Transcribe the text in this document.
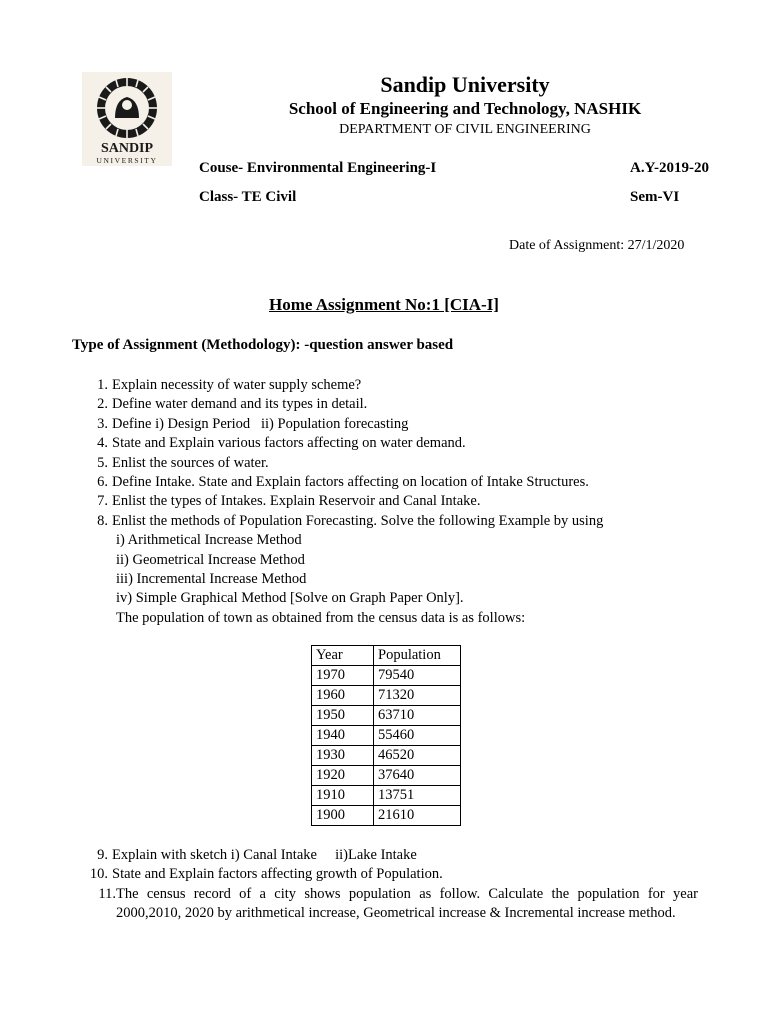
SANDIP
UNIVERSITY
Sandip University
School of Engineering and Technology, NASHIK
DEPARTMENT OF CIVIL ENGINEERING
Couse- Environmental Engineering-I	A.Y-2019-20
Class- TE Civil	Sem-VI
Date of Assignment: 27/1/2020
Home Assignment No:1 [CIA-I]
Type of Assignment (Methodology): -question answer based
1. Explain necessity of water supply scheme?
2. Define water demand and its types in detail.
3. Define i) Design Period   ii) Population forecasting
4. State and Explain various factors affecting on water demand.
5. Enlist the sources of water.
6. Define Intake. State and Explain factors affecting on location of Intake Structures.
7. Enlist the types of Intakes. Explain Reservoir and Canal Intake.
8. Enlist the methods of Population Forecasting. Solve the following Example by using
i) Arithmetical Increase Method
ii) Geometrical Increase Method
iii) Incremental Increase Method
iv) Simple Graphical Method [Solve on Graph Paper Only].
The population of town as obtained from the census data is as follows:
Year	Population
1970	79540
1960	71320
1950	63710
1940	55460
1930	46520
1920	37640
1910	13751
1900	21610
9. Explain with sketch i) Canal Intake     ii)Lake Intake
10. State and Explain factors affecting growth of Population.
11. The census record of a city shows population as follow. Calculate the population for year
2000,2010, 2020 by arithmetical increase, Geometrical increase & Incremental increase method.
